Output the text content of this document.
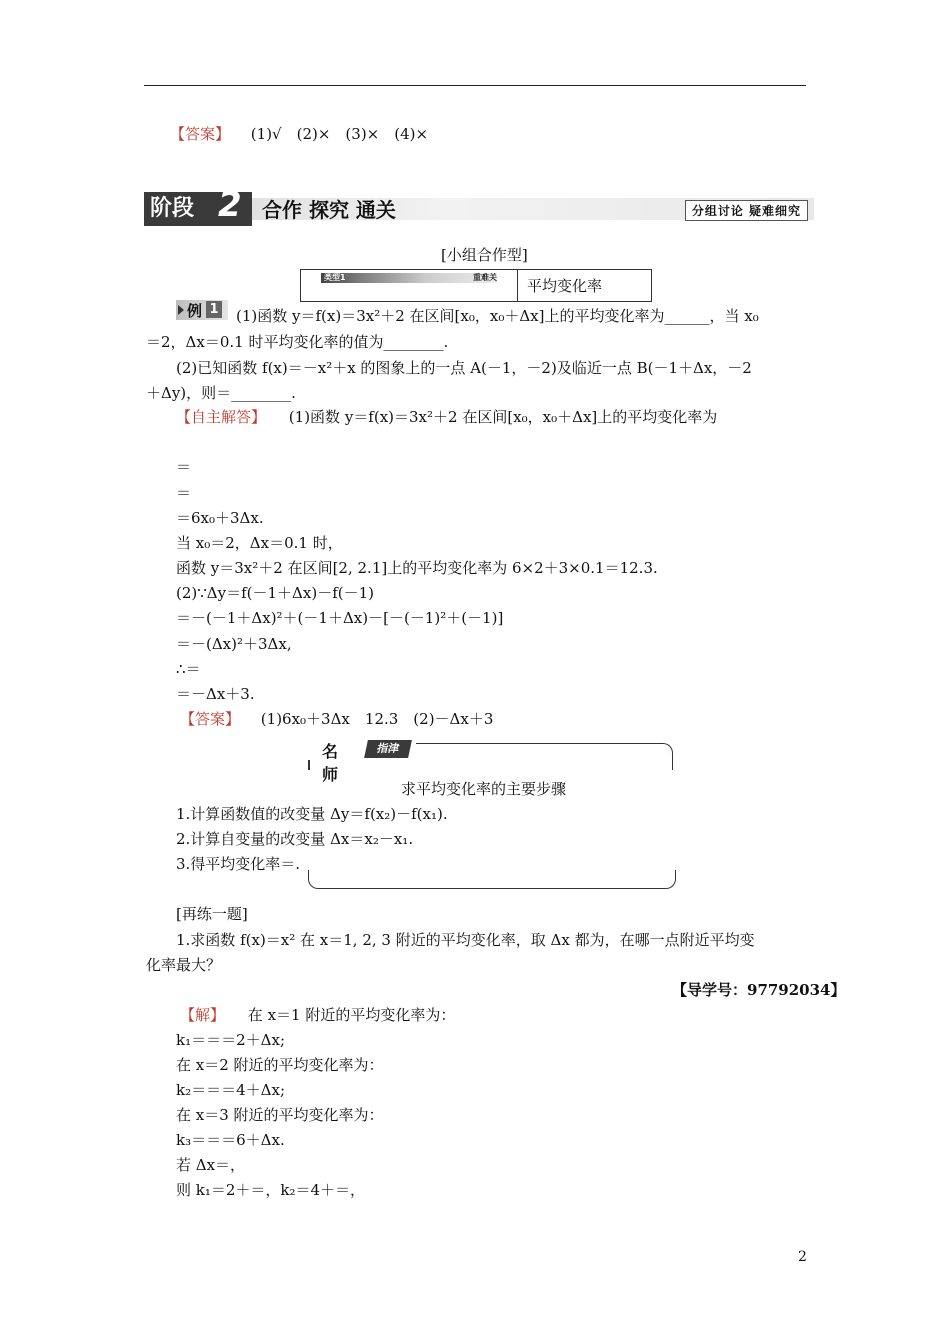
【答案】 (1)√　(2)×　(3)×　(4)×
阶段 2 合作 探究 通关	分组讨论 疑难细究
[小组合作型]
类型1	重难关 平均变化率
例 1 (1)函数 y＝f(x)＝3x²＋2 在区间[x₀，x₀＋Δx]上的平均变化率为______，当 x₀
＝2，Δx＝0.1 时平均变化率的值为________.
(2)已知函数 f(x)＝－x²＋x 的图象上的一点 A(－1，－2)及临近一点 B(－1＋Δx，－2
＋Δy)，则＝________.
【自主解答】 (1)函数 y＝f(x)＝3x²＋2 在区间[x₀，x₀＋Δx]上的平均变化率为
＝
＝
＝6x₀＋3Δx.
当 x₀＝2，Δx＝0.1 时，
函数 y＝3x²＋2 在区间[2, 2.1]上的平均变化率为 6×2＋3×0.1＝12.3.
(2)∵Δy＝f(－1＋Δx)－f(－1)
＝－(－1＋Δx)²＋(－1＋Δx)－[－(－1)²＋(－1)]
＝－(Δx)²＋3Δx,
∴＝
＝－Δx＋3.
【答案】 (1)6x₀＋3Δx　12.3　(2)－Δx＋3
名师
指津
求平均变化率的主要步骤
1.计算函数值的改变量 Δy＝f(x₂)－f(x₁).
2.计算自变量的改变量 Δx＝x₂－x₁.
3.得平均变化率＝.
[再练一题]
1.求函数 f(x)＝x² 在 x＝1, 2, 3 附近的平均变化率，取 Δx 都为，在哪一点附近平均变
化率最大？
【导学号：97792034】
【解】 在 x＝1 附近的平均变化率为：
k₁＝＝＝2＋Δx;
在 x＝2 附近的平均变化率为：
k₂＝＝＝4＋Δx;
在 x＝3 附近的平均变化率为：
k₃＝＝＝6＋Δx.
若 Δx＝，
则 k₁＝2＋＝，k₂＝4＋＝，
2
